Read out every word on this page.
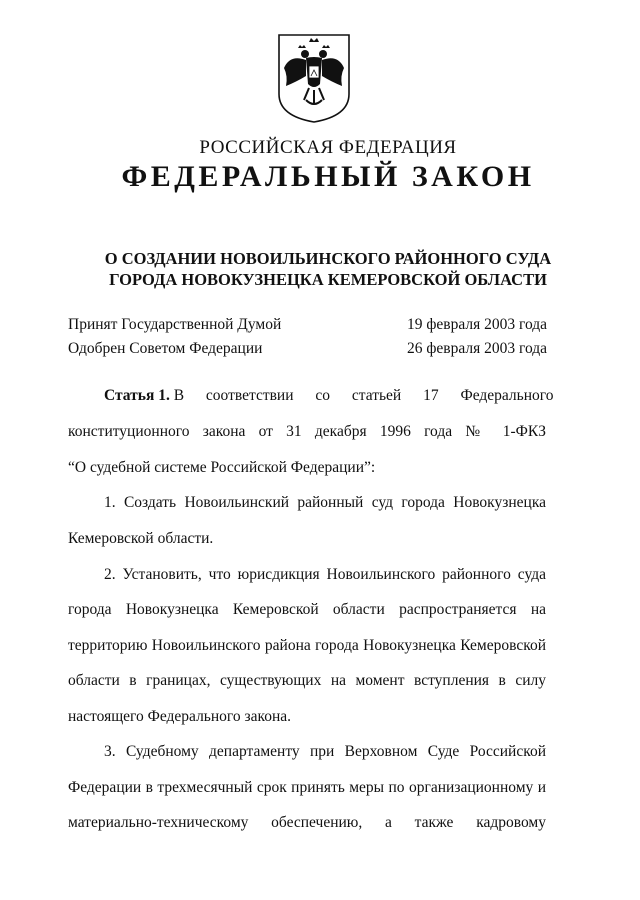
РОССИЙСКАЯ ФЕДЕРАЦИЯ
ФЕДЕРАЛЬНЫЙ ЗАКОН
О СОЗДАНИИ НОВОИЛЬИНСКОГО РАЙОННОГО СУДА
ГОРОДА НОВОКУЗНЕЦКА КЕМЕРОВСКОЙ ОБЛАСТИ
Принят Государственной Думой	19 февраля 2003 года
Одобрен Советом Федерации	26 февраля 2003 года
Статья 1. В соответствии со статьей 17 Федерального
конституционного закона от 31 декабря 1996 года № 1-ФКЗ
“О судебной системе Российской Федерации”:
1. Создать Новоильинский районный суд города Новокузнецка
Кемеровской области.
2. Установить, что юрисдикция Новоильинского районного суда
города Новокузнецка Кемеровской области распространяется на
территорию Новоильинского района города Новокузнецка Кемеровской
области в границах, существующих на момент вступления в силу
настоящего Федерального закона.
3. Судебному департаменту при Верховном Суде Российской
Федерации в трехмесячный срок принять меры по организационному и
материально-техническому обеспечению, а также кадровому
